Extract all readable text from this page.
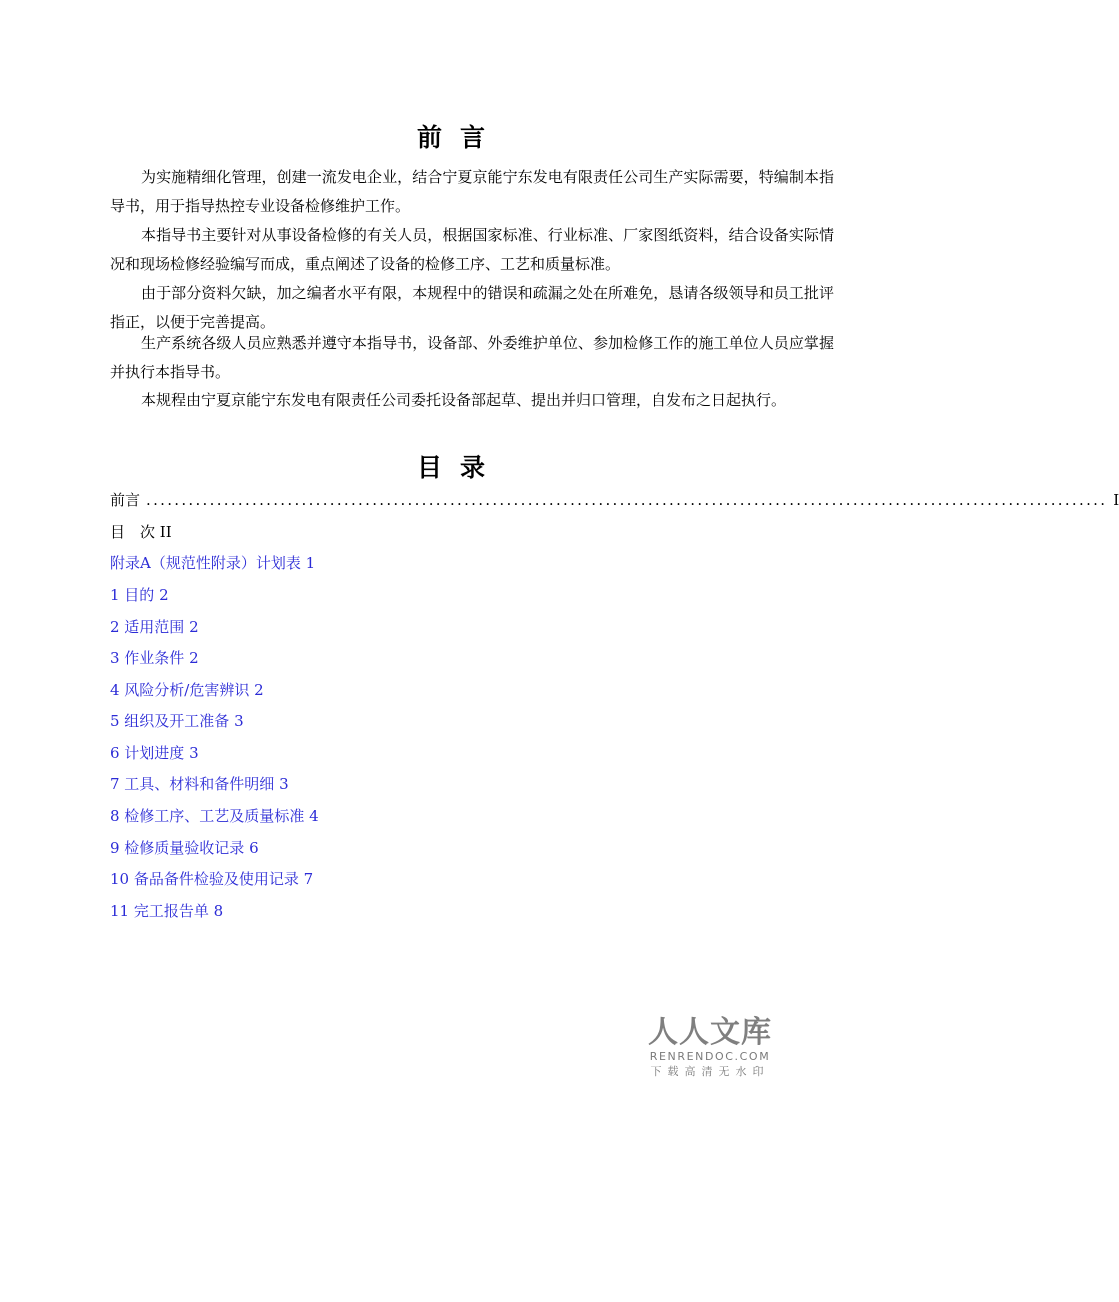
前言

为实施精细化管理，创建一流发电企业，结合宁夏京能宁东发电有限责任公司生产实际需要，特编制本指导书，用于指导热控专业设备检修维护工作。

本指导书主要针对从事设备检修的有关人员，根据国家标准、行业标准、厂家图纸资料，结合设备实际情况和现场检修经验编写而成，重点阐述了设备的检修工序、工艺和质量标准。

由于部分资料欠缺，加之编者水平有限，本规程中的错误和疏漏之处在所难免，恳请各级领导和员工批评指正，以便于完善提高。

生产系统各级人员应熟悉并遵守本指导书，设备部、外委维护单位、参加检修工作的施工单位人员应掌握并执行本指导书。

本规程由宁夏京能宁东发电有限责任公司委托设备部起草、提出并归口管理，自发布之日起执行。

目录
前言 ........................................................................................................................................ I
目　次 II
附录A（规范性附录）计划表 1
1 目的 2
2 适用范围 2
3 作业条件 2
4 风险分析/危害辨识 2
5 组织及开工准备 3
6 计划进度 3
7 工具、材料和备件明细 3
8 检修工序、工艺及质量标准 4
9 检修质量验收记录 6
10 备品备件检验及使用记录 7
11 完工报告单 8
人人文库
RENRENDOC.COM
下载高清无水印
